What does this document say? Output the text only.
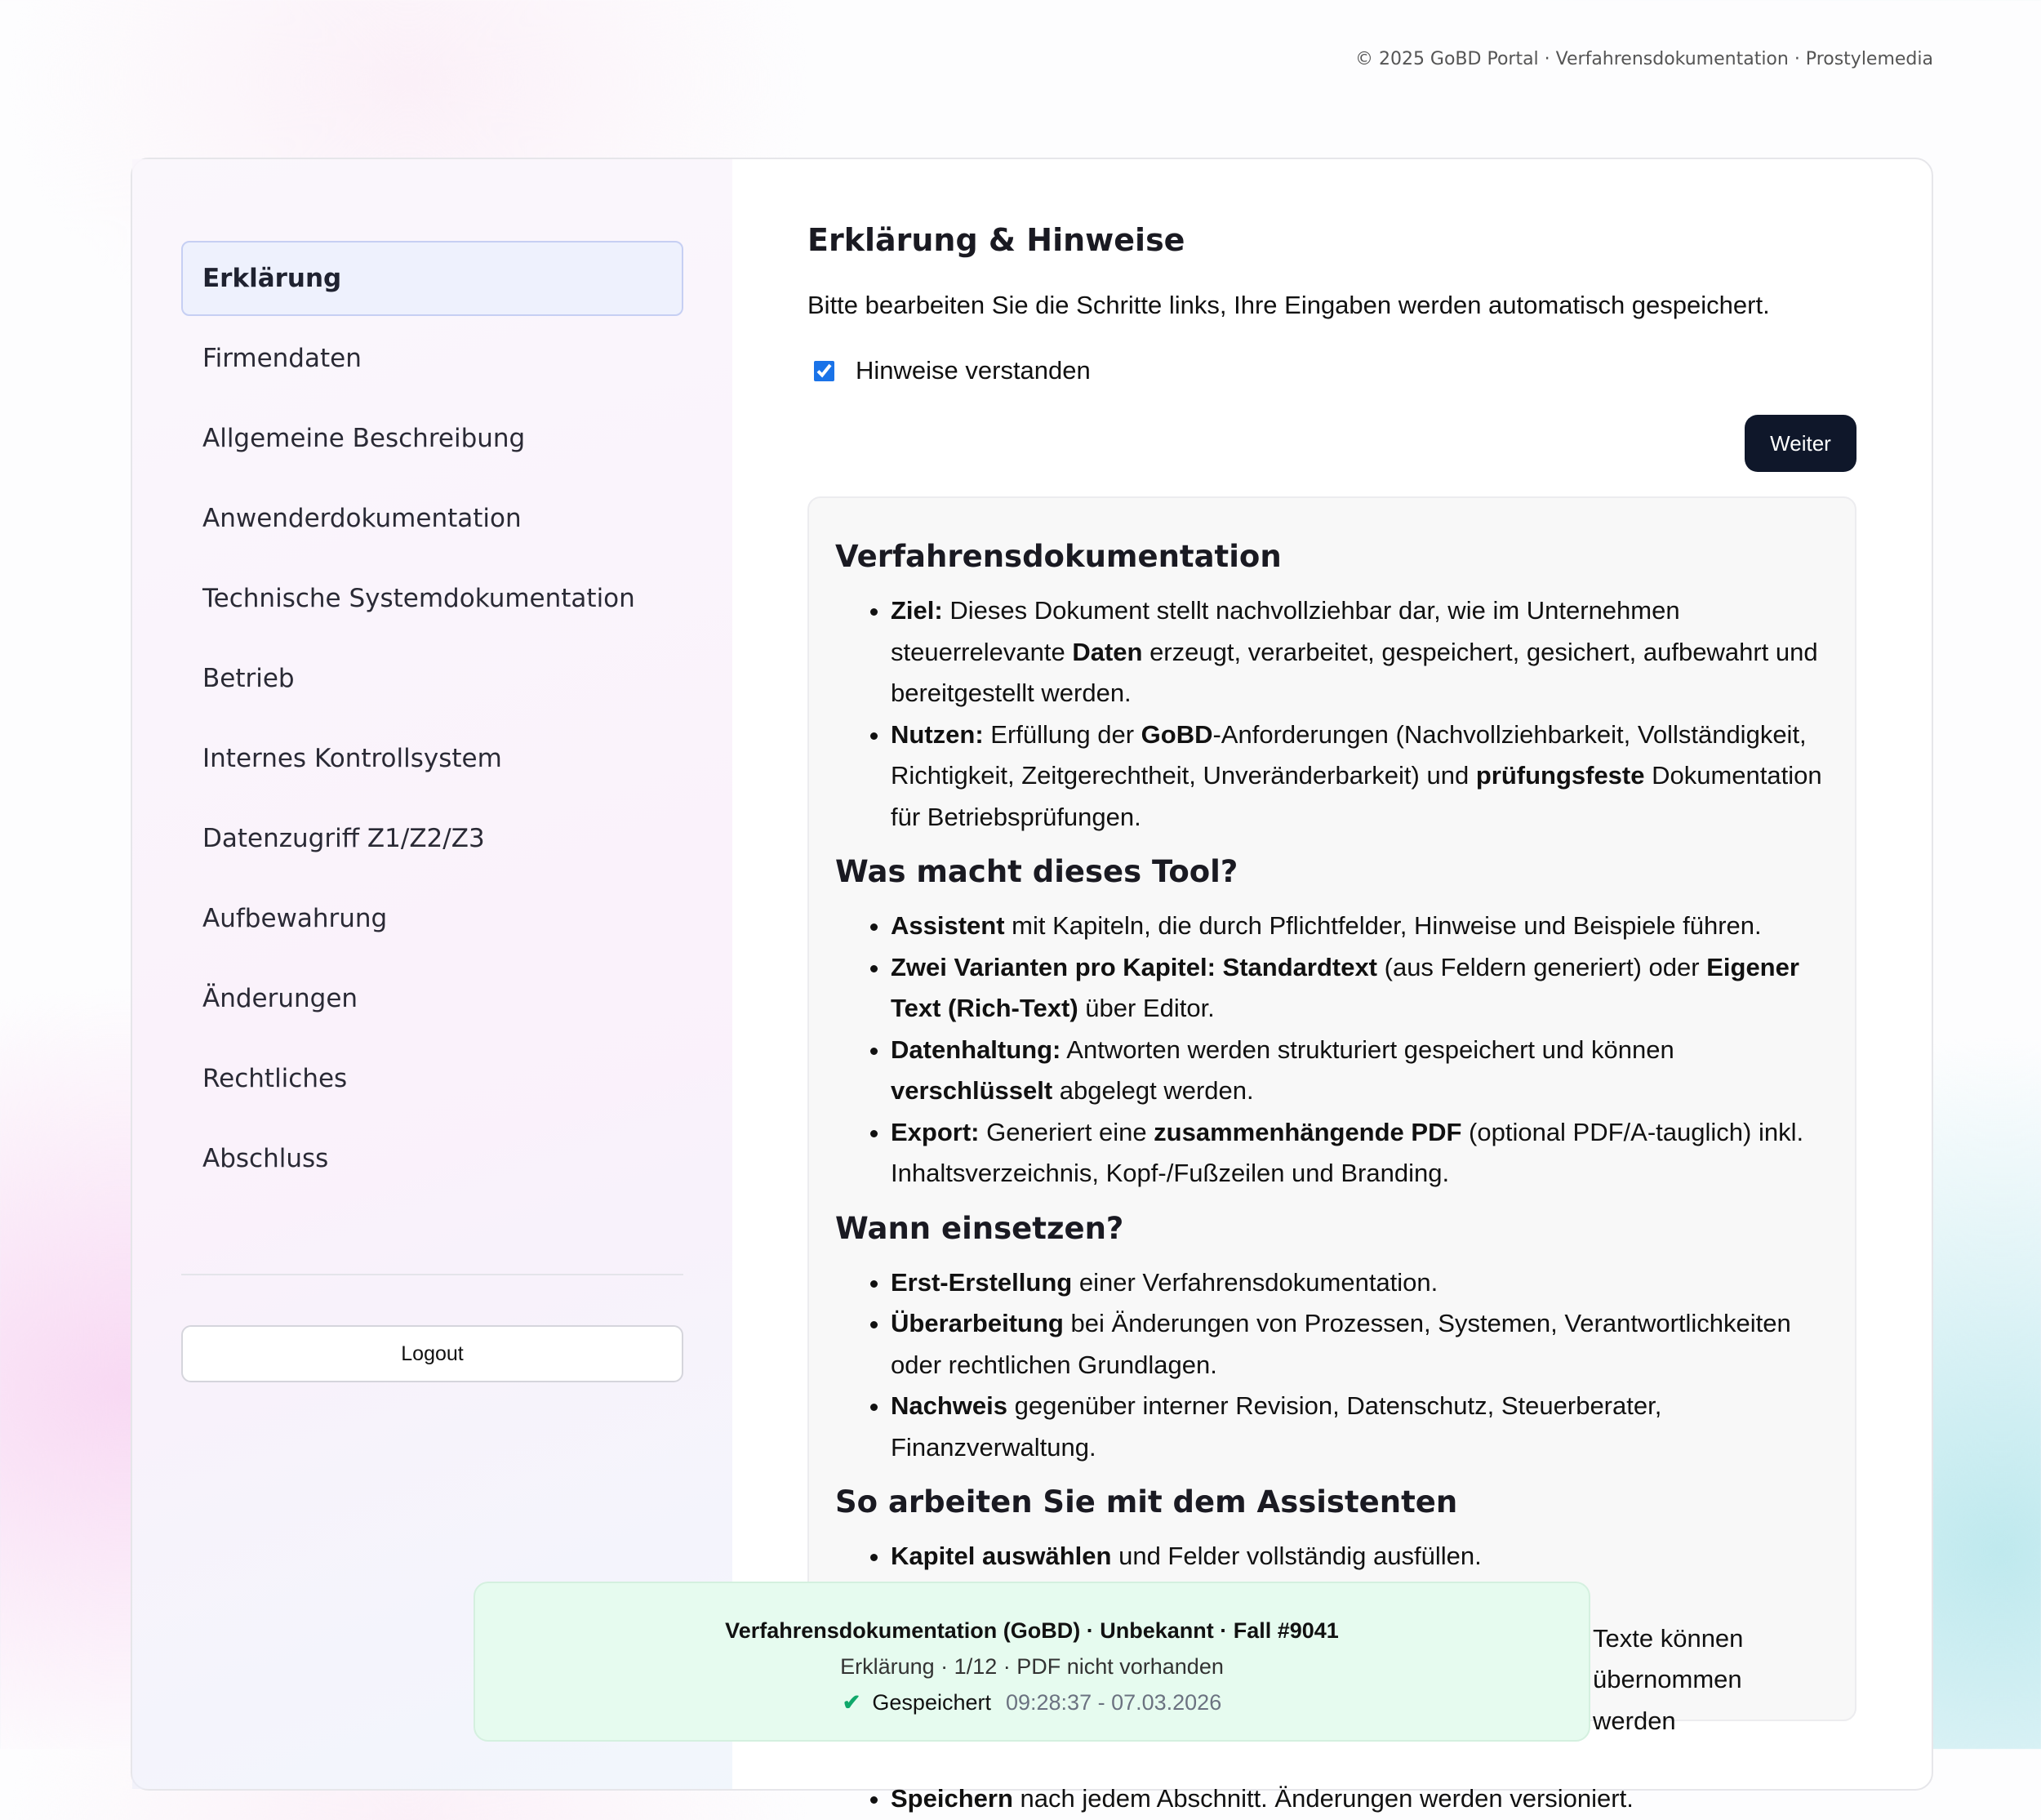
© 2025 GoBD Portal · Verfahrensdokumentation · Prostylemedia
Erklärung
Firmendaten
Allgemeine Beschreibung
Anwenderdokumentation
Technische Systemdokumentation
Betrieb
Internes Kontrollsystem
Datenzugriff Z1/Z2/Z3
Aufbewahrung
Änderungen
Rechtliches
Abschluss
Logout
Erklärung & Hinweise

Bitte bearbeiten Sie die Schritte links, Ihre Eingaben werden automatisch gespeichert.

Hinweise verstanden
Weiter
Verfahrensdokumentation
• Ziel: Dieses Dokument stellt nachvollziehbar dar, wie im Unternehmen steuerrelevante Daten erzeugt, verarbeitet, gespeichert, gesichert, aufbewahrt und bereitgestellt werden.
• Nutzen: Erfüllung der GoBD-Anforderungen (Nachvollziehbarkeit, Vollständigkeit, Richtigkeit, Zeitgerechtheit, Unveränderbarkeit) und prüfungsfeste Dokumentation für Betriebsprüfungen.
Was macht dieses Tool?
• Assistent mit Kapiteln, die durch Pflichtfelder, Hinweise und Beispiele führen.
• Zwei Varianten pro Kapitel: Standardtext (aus Feldern generiert) oder Eigener Text (Rich-Text) über Editor.
• Datenhaltung: Antworten werden strukturiert gespeichert und können verschlüsselt abgelegt werden.
• Export: Generiert eine zusammenhängende PDF (optional PDF/A-tauglich) inkl. Inhaltsverzeichnis, Kopf-/Fußzeilen und Branding.
Wann einsetzen?
• Erst-Erstellung einer Verfahrensdokumentation.
• Überarbeitung bei Änderungen von Prozessen, Systemen, Verantwortlichkeiten oder rechtlichen Grundlagen.
• Nachweis gegenüber interner Revision, Datenschutz, Steuerberater, Finanzverwaltung.
So arbeiten Sie mit dem Assistenten
• Kapitel auswählen und Felder vollständig ausfüllen.
• Texte können übernommen werden
• Speichern nach jedem Abschnitt. Änderungen werden versioniert.
Verfahrensdokumentation (GoBD) · Unbekannt · Fall #9041
Erklärung · 1/12 · PDF nicht vorhanden
✔ Gespeichert 09:28:37 - 07.03.2026
